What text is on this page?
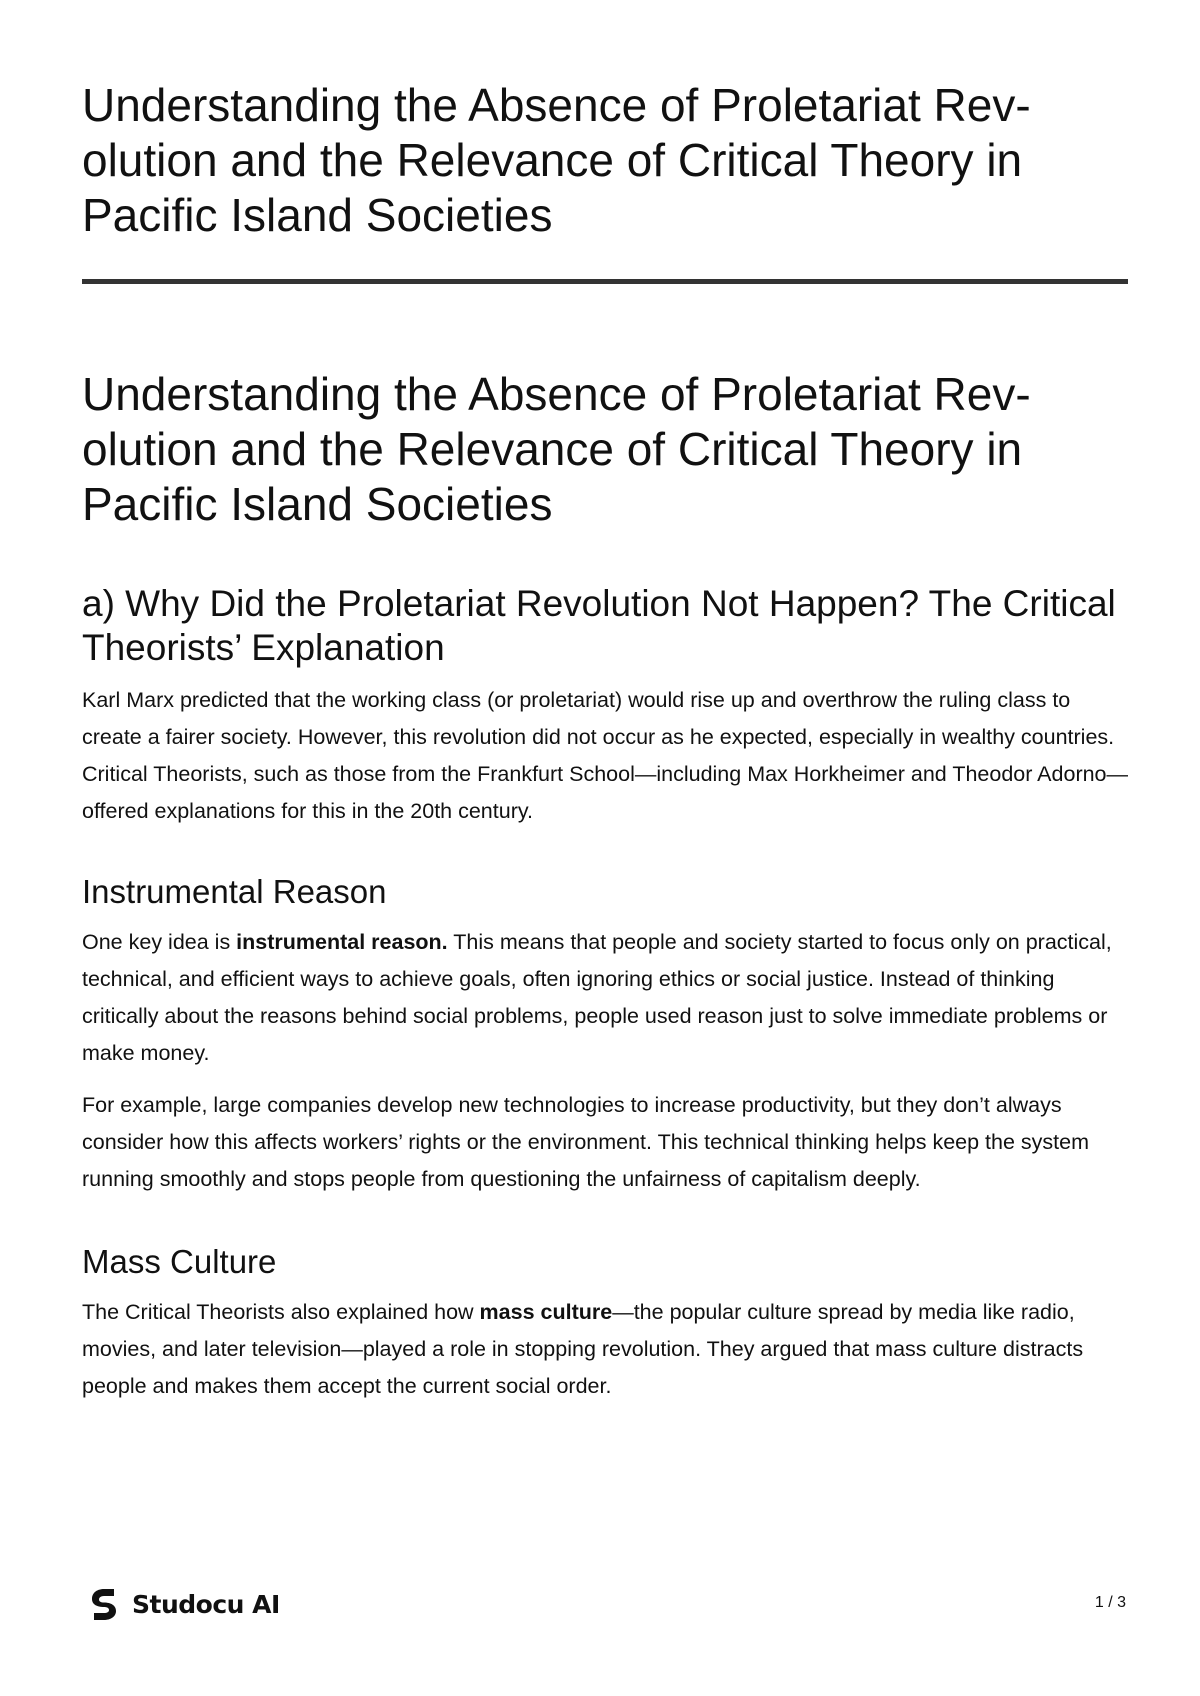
Understanding the Absence of Proletariat Rev- olution and the Relevance of Critical Theory in Pacific Island Societies
Understanding the Absence of Proletariat Rev- olution and the Relevance of Critical Theory in Pacific Island Societies
a) Why Did the Proletariat Revolution Not Happen? The Critical Theorists’ Explanation

Karl Marx predicted that the working class (or proletariat) would rise up and overthrow the ruling class to create a fairer society. However, this revolution did not occur as he expected, especially in wealthy countries. Critical Theorists, such as those from the Frankfurt School—including Max Horkheimer and Theodor Adorno—offered explanations for this in the 20th century.

Instrumental Reason

One key idea is instrumental reason. This means that people and society started to focus only on practical, technical, and efficient ways to achieve goals, often ignoring ethics or social justice. Instead of thinking critically about the reasons behind social problems, people used reason just to solve immediate problems or make money.

For example, large companies develop new technologies to increase productivity, but they don’t always consider how this affects workers’ rights or the environment. This technical thinking helps keep the system running smoothly and stops people from questioning the unfairness of capitalism deeply.

Mass Culture

The Critical Theorists also explained how mass culture—the popular culture spread by media like radio, movies, and later television—played a role in stopping revolution. They argued that mass culture distracts people and makes them accept the current social order.

Studocu AI	1 / 3
